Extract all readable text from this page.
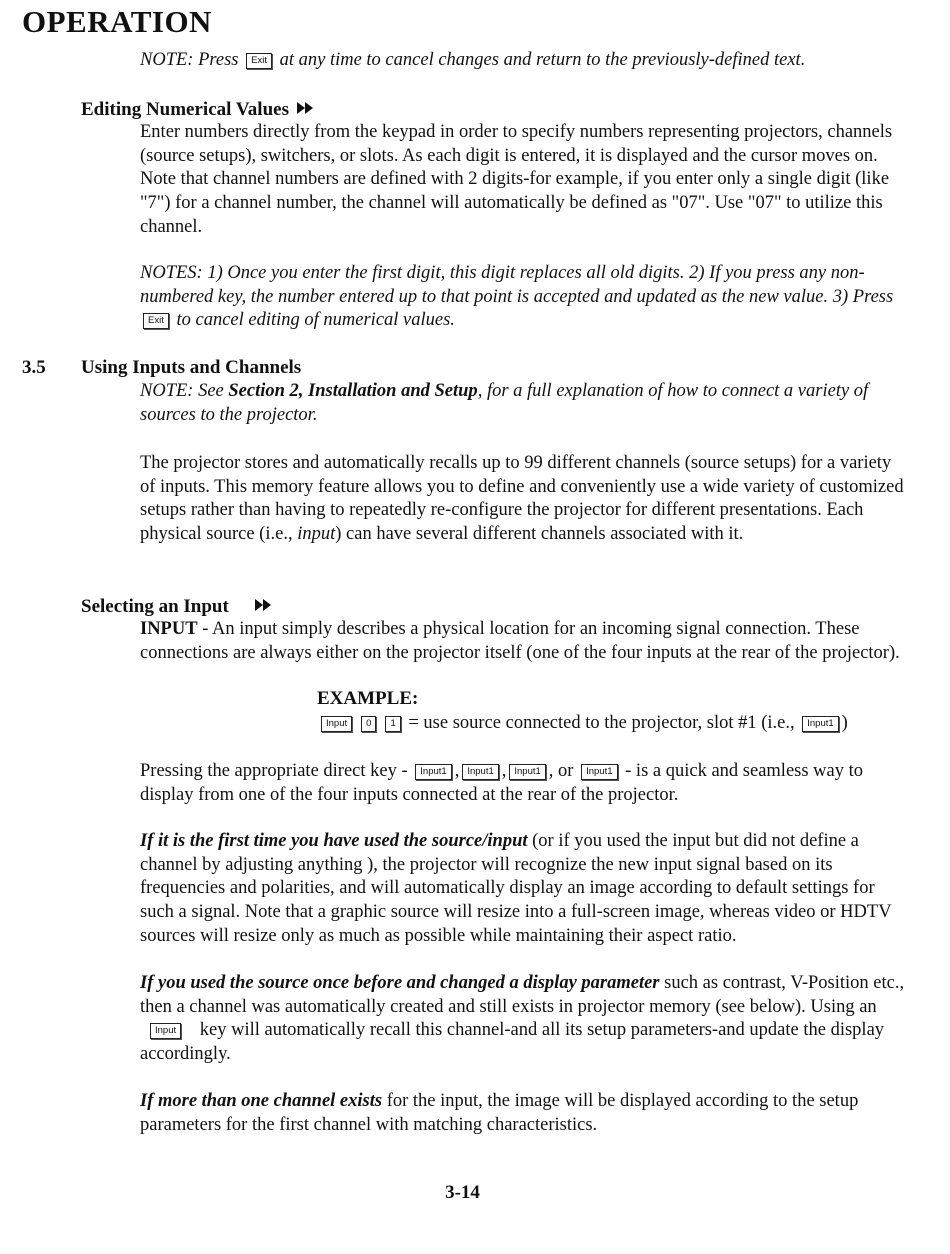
OPERATION
NOTE: Press Exit at any time to cancel changes and return to the previously-defined text.
Editing Numerical Values
Enter numbers directly from the keypad in order to specify numbers representing projectors, channels (source setups), switchers, or slots. As each digit is entered, it is displayed and the cursor moves on. Note that channel numbers are defined with 2 digits-for example, if you enter only a single digit (like "7") for a channel number, the channel will automatically be defined as "07". Use "07" to utilize this channel.
NOTES: 1) Once you enter the first digit, this digit replaces all old digits. 2) If you press any non-numbered key, the number entered up to that point is accepted and updated as the new value. 3) Press Exit to cancel editing of numerical values.
3.5 Using Inputs and Channels
NOTE: See Section 2, Installation and Setup, for a full explanation of how to connect a variety of sources to the projector.
The projector stores and automatically recalls up to 99 different channels (source setups) for a variety of inputs. This memory feature allows you to define and conveniently use a wide variety of customized setups rather than having to repeatedly re-configure the projector for different presentations. Each physical source (i.e., input) can have several different channels associated with it.
Selecting an Input
INPUT - An input simply describes a physical location for an incoming signal connection. These connections are always either on the projector itself (one of the four inputs at the rear of the projector).
EXAMPLE:
Input 0 1 = use source connected to the projector, slot #1 (i.e., Input1 )
Pressing the appropriate direct key - Input1 , Input1 , Input1 , or Input1 - is a quick and seamless way to display from one of the four inputs connected at the rear of the projector.
If it is the first time you have used the source/input (or if you used the input but did not define a channel by adjusting anything ), the projector will recognize the new input signal based on its frequencies and polarities, and will automatically display an image according to default settings for such a signal. Note that a graphic source will resize into a full-screen image, whereas video or HDTV sources will resize only as much as possible while maintaining their aspect ratio.
If you used the source once before and changed a display parameter such as contrast, V-Position etc., then a channel was automatically created and still exists in projector memory (see below). Using an Input key will automatically recall this channel-and all its setup parameters-and update the display accordingly.
If more than one channel exists for the input, the image will be displayed according to the setup parameters for the first channel with matching characteristics.
3-14
